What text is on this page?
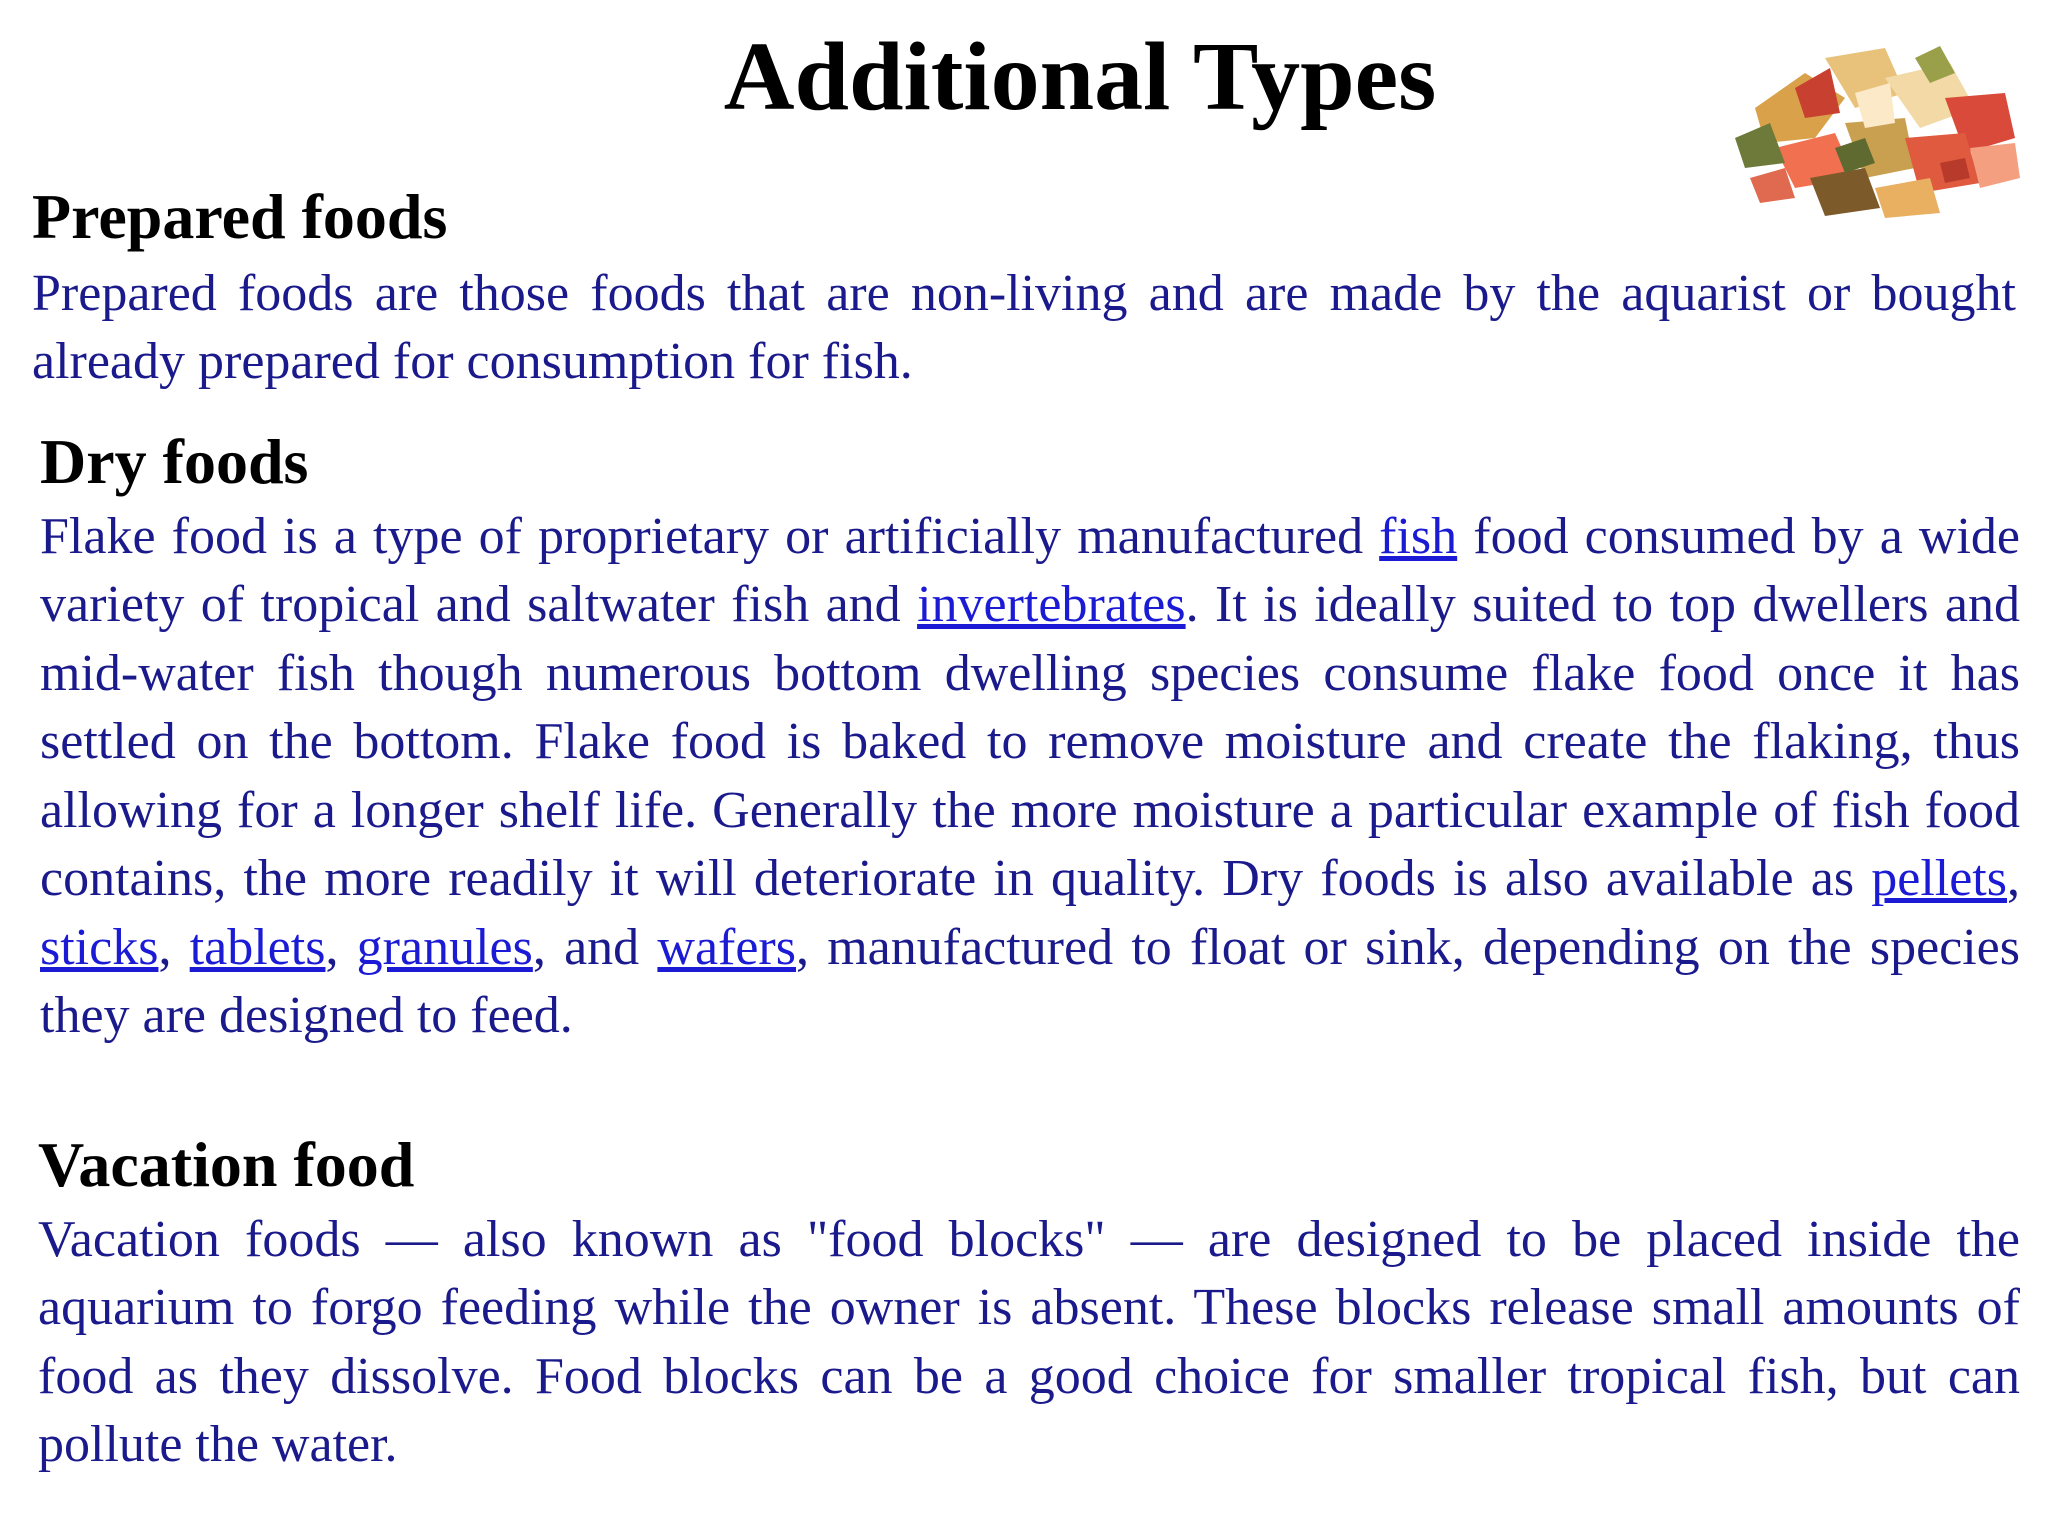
Additional Types
Prepared foods

Prepared foods are those foods that are non-living and are made by the aquarist or bought already prepared for consumption for fish.

Dry foods

Flake food is a type of proprietary or artificially manufactured fish food consumed by a wide variety of tropical and saltwater fish and invertebrates. It is ideally suited to top dwellers and mid-water fish though numerous bottom dwelling species consume flake food once it has settled on the bottom. Flake food is baked to remove moisture and create the flaking, thus allowing for a longer shelf life. Generally the more moisture a particular example of fish food contains, the more readily it will deteriorate in quality. Dry foods is also available as pellets, sticks, tablets, granules, and wafers, manufactured to float or sink, depending on the species they are designed to feed.

Vacation food

Vacation foods — also known as "food blocks" — are designed to be placed inside the aquarium to forgo feeding while the owner is absent. These blocks release small amounts of food as they dissolve. Food blocks can be a good choice for smaller tropical fish, but can pollute the water.
